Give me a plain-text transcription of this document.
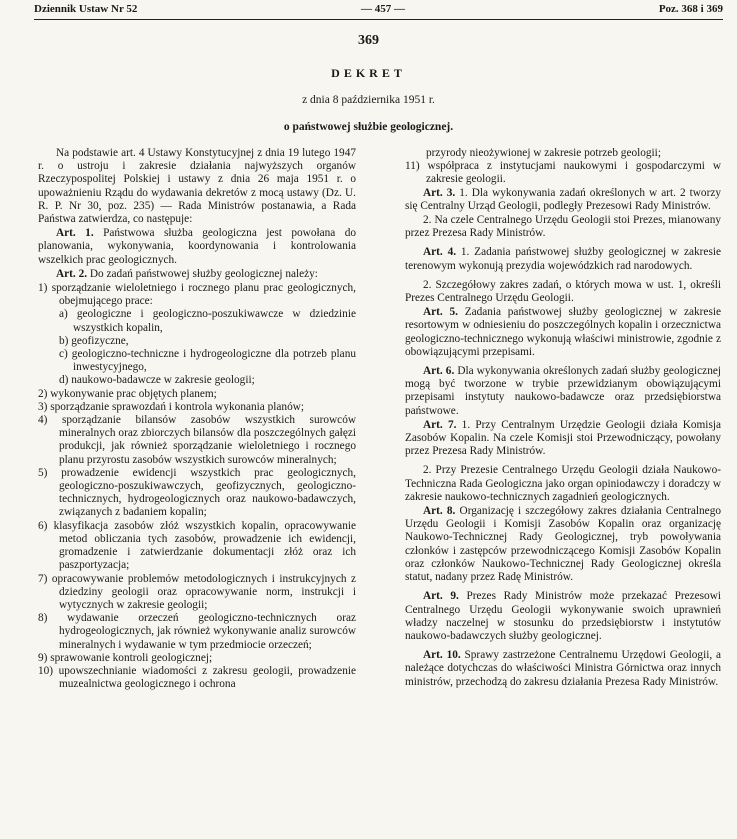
Dziennik Ustaw Nr 52	— 457 —	Poz. 368 i 369
369
DEKRET
z dnia 8 października 1951 r.
o państwowej służbie geologicznej.

Na podstawie art. 4 Ustawy Konstytucyjnej z dnia 19 lutego 1947 r. o ustroju i zakresie działania najwyższych organów Rzeczypospolitej Polskiej i ustawy z dnia 26 maja 1951 r. o upoważnieniu Rządu do wydawania dekretów z mocą ustawy (Dz. U. R. P. Nr 30, poz. 235) — Rada Ministrów postanawia, a Rada Państwa zatwierdza, co następuje:

Art. 1. Państwowa służba geologiczna jest powołana do planowania, wykonywania, koordynowania i kontrolowania wszelkich prac geologicznych.

Art. 2. Do zadań państwowej służby geologicznej należy:

1) sporządzanie wieloletniego i rocznego planu prac geologicznych, obejmującego prace:

a) geologiczne i geologiczno-poszukiwawcze w dziedzinie wszystkich kopalin,

b) geofizyczne,

c) geologiczno-techniczne i hydrogeologiczne dla potrzeb planu inwestycyjnego,

d) naukowo-badawcze w zakresie geologii;

2) wykonywanie prac objętych planem;

3) sporządzanie sprawozdań i kontrola wykonania planów;

4) sporządzanie bilansów zasobów wszystkich surowców mineralnych oraz zbiorczych bilansów dla poszczególnych gałęzi produkcji, jak również sporządzanie wieloletniego i rocznego planu przyrostu zasobów wszystkich surowców mineralnych;

5) prowadzenie ewidencji wszystkich prac geologicznych, geologiczno-poszukiwawczych, geofizycznych, geologiczno-technicznych, hydrogeologicznych oraz naukowo-badawczych, związanych z badaniem kopalin;

6) klasyfikacja zasobów złóż wszystkich kopalin, opracowywanie metod obliczania tych zasobów, prowadzenie ich ewidencji, gromadzenie i zatwierdzanie dokumentacji złóż oraz ich paszportyzacja;

7) opracowywanie problemów metodologicznych i instrukcyjnych z dziedziny geologii oraz opracowywanie norm, instrukcji i wytycznych w zakresie geologii;

8) wydawanie orzeczeń geologiczno-technicznych oraz hydrogeologicznych, jak również wykonywanie analiz surowców mineralnych i wydawanie w tym przedmiocie orzeczeń;

9) sprawowanie kontroli geologicznej;

10) upowszechnianie wiadomości z zakresu geologii, prowadzenie muzealnictwa geologicznego i ochrona

przyrody nieożywionej w zakresie potrzeb geologii;

11) współpraca z instytucjami naukowymi i gospodarczymi w zakresie geologii.

Art. 3. 1. Dla wykonywania zadań określonych w art. 2 tworzy się Centralny Urząd Geologii, podległy Prezesowi Rady Ministrów.

2. Na czele Centralnego Urzędu Geologii stoi Prezes, mianowany przez Prezesa Rady Ministrów.

Art. 4. 1. Zadania państwowej służby geologicznej w zakresie terenowym wykonują prezydia wojewódzkich rad narodowych.

2. Szczegółowy zakres zadań, o których mowa w ust. 1, określi Prezes Centralnego Urzędu Geologii.

Art. 5. Zadania państwowej służby geologicznej w zakresie resortowym w odniesieniu do poszczególnych kopalin i orzecznictwa geologiczno-technicznego wykonują właściwi ministrowie, zgodnie z obowiązującymi przepisami.

Art. 6. Dla wykonywania określonych zadań służby geologicznej mogą być tworzone w trybie przewidzianym obowiązującymi przepisami instytuty naukowo-badawcze oraz przedsiębiorstwa państwowe.

Art. 7. 1. Przy Centralnym Urzędzie Geologii działa Komisja Zasobów Kopalin. Na czele Komisji stoi Przewodniczący, powołany przez Prezesa Rady Ministrów.

2. Przy Prezesie Centralnego Urzędu Geologii działa Naukowo-Techniczna Rada Geologiczna jako organ opiniodawczy i doradczy w zakresie naukowo-technicznych zagadnień geologicznych.

Art. 8. Organizację i szczegółowy zakres działania Centralnego Urzędu Geologii i Komisji Zasobów Kopalin oraz organizację Naukowo-Technicznej Rady Geologicznej, tryb powoływania członków i zastępców przewodniczącego Komisji Zasobów Kopalin oraz członków Naukowo-Technicznej Rady Geologicznej określa statut, nadany przez Radę Ministrów.

Art. 9. Prezes Rady Ministrów może przekazać Prezesowi Centralnego Urzędu Geologii wykonywanie swoich uprawnień władzy naczelnej w stosunku do przedsiębiorstw i instytutów naukowo-badawczych służby geologicznej.

Art. 10. Sprawy zastrzeżone Centralnemu Urzędowi Geologii, a należące dotychczas do właściwości Ministra Górnictwa oraz innych ministrów, przechodzą do zakresu działania Prezesa Rady Ministrów.
